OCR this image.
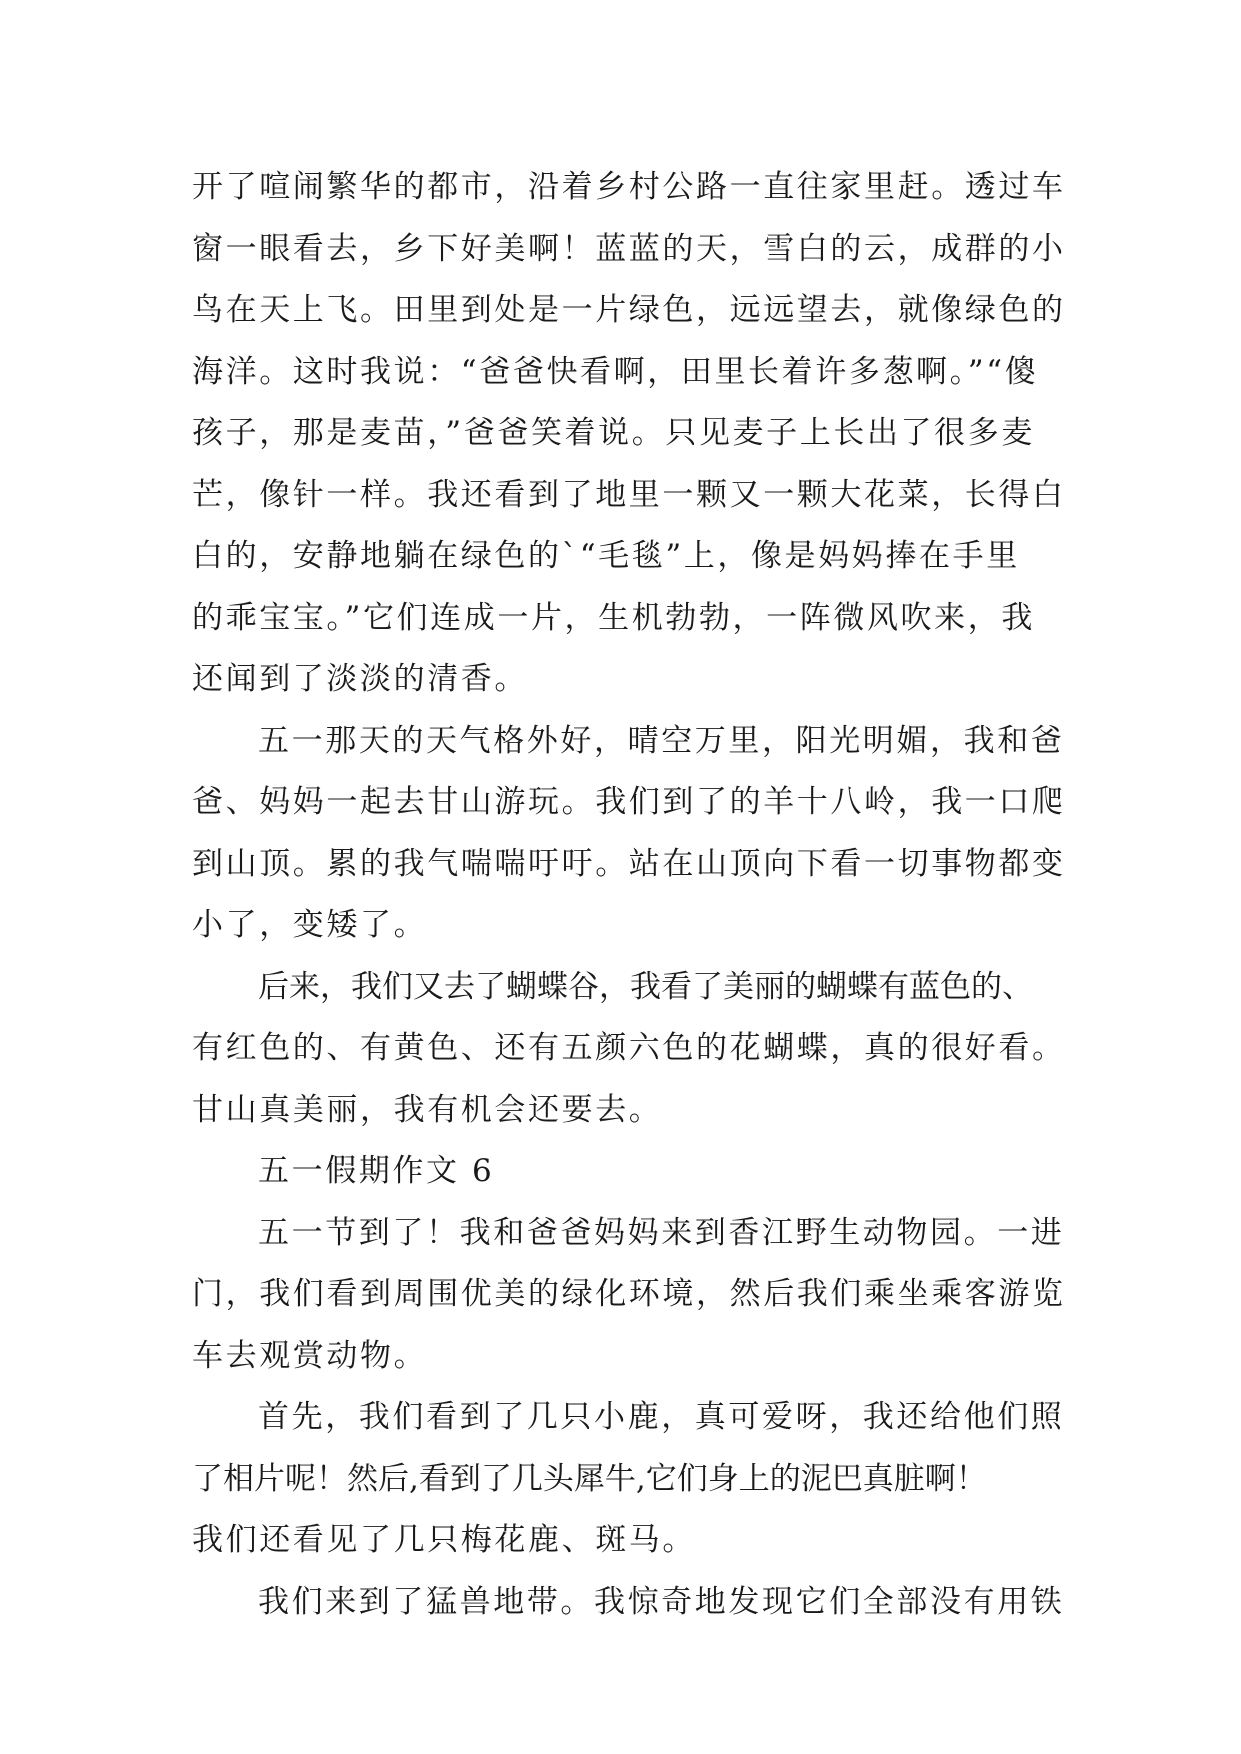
开了喧闹繁华的都市，沿着乡村公路一直往家里赶。透过车
窗一眼看去，乡下好美啊！蓝蓝的天，雪白的云，成群的小
鸟在天上飞。田里到处是一片绿色，远远望去，就像绿色的
海洋。这时我说：“爸爸快看啊，田里长着许多葱啊。”“傻
孩子，那是麦苗，”爸爸笑着说。只见麦子上长出了很多麦
芒，像针一样。我还看到了地里一颗又一颗大花菜，长得白
白的，安静地躺在绿色的`“毛毯”上，像是妈妈捧在手里
的乖宝宝。”它们连成一片，生机勃勃，一阵微风吹来，我
还闻到了淡淡的清香。
五一那天的天气格外好，晴空万里，阳光明媚，我和爸
爸、妈妈一起去甘山游玩。我们到了的羊十八岭，我一口爬
到山顶。累的我气喘喘吁吁。站在山顶向下看一切事物都变
小了，变矮了。
后来，我们又去了蝴蝶谷，我看了美丽的蝴蝶有蓝色的、
有红色的、有黄色、还有五颜六色的花蝴蝶，真的很好看。
甘山真美丽，我有机会还要去。
五一假期作文 6
五一节到了！我和爸爸妈妈来到香江野生动物园。一进
门，我们看到周围优美的绿化环境，然后我们乘坐乘客游览
车去观赏动物。
首先，我们看到了几只小鹿，真可爱呀，我还给他们照
了相片呢！然后,看到了几头犀牛,它们身上的泥巴真脏啊！
我们还看见了几只梅花鹿、斑马。
我们来到了猛兽地带。我惊奇地发现它们全部没有用铁
